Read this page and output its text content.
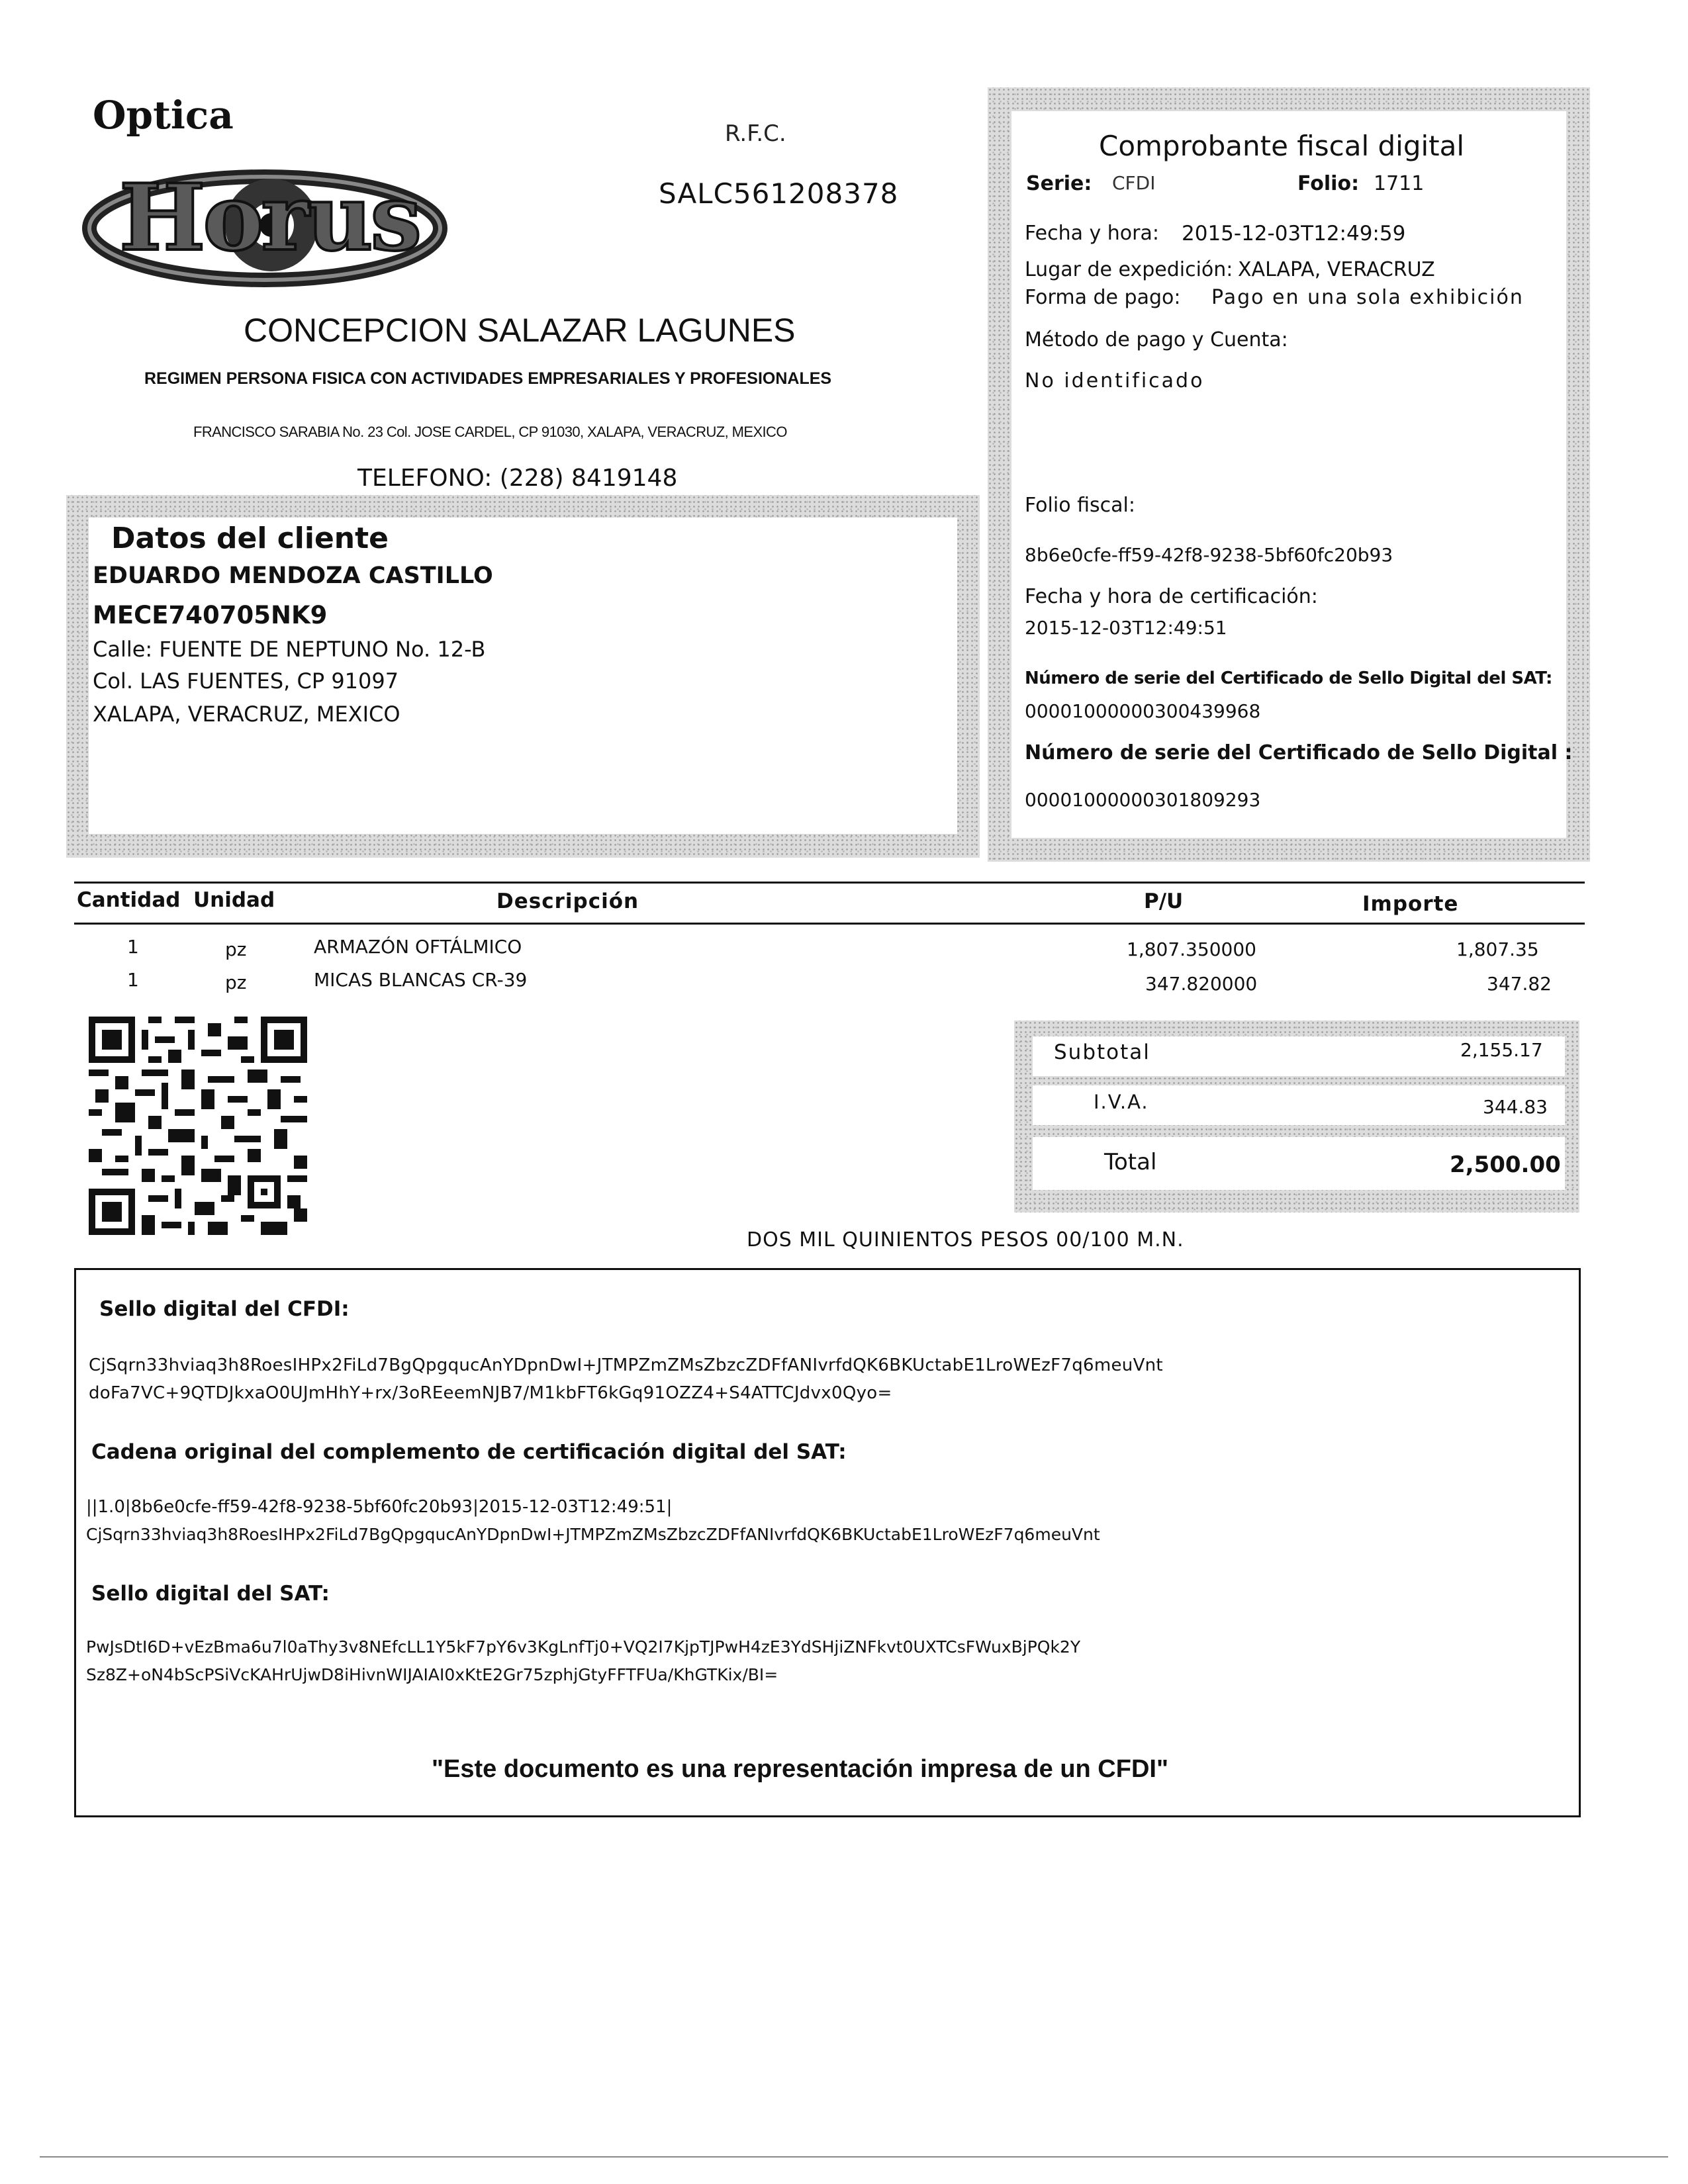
Optica
Horus
R.F.C.
SALC561208378
CONCEPCION SALAZAR LAGUNES
REGIMEN PERSONA FISICA CON ACTIVIDADES EMPRESARIALES Y PROFESIONALES
FRANCISCO SARABIA No. 23 Col. JOSE CARDEL, CP 91030, XALAPA, VERACRUZ, MEXICO
TELEFONO: (228) 8419148
Comprobante fiscal digital
Serie: CFDI	Folio: 1711
Fecha y hora: 2015-12-03T12:49:59
Lugar de expedición: XALAPA, VERACRUZ
Forma de pago: Pago en una sola exhibición
Método de pago y Cuenta:
No identificado
Folio fiscal:
8b6e0cfe-ff59-42f8-9238-5bf60fc20b93
Fecha y hora de certificación:
2015-12-03T12:49:51
Número de serie del Certificado de Sello Digital del SAT:
00001000000300439968
Número de serie del Certificado de Sello Digital :
00001000000301809293
Datos del cliente
EDUARDO MENDOZA CASTILLO
MECE740705NK9
Calle: FUENTE DE NEPTUNO No. 12-B
Col. LAS FUENTES, CP 91097
XALAPA, VERACRUZ, MEXICO
Cantidad Unidad	Descripción	P/U	Importe
1	pz	ARMAZÓN OFTÁLMICO	1,807.350000	1,807.35
1	pz	MICAS BLANCAS CR-39	347.820000	347.82
Subtotal	2,155.17
I.V.A.	344.83
Total	2,500.00
DOS MIL QUINIENTOS PESOS 00/100 M.N.
Sello digital del CFDI:
CjSqrn33hviaq3h8RoesIHPx2FiLd7BgQpgqucAnYDpnDwI+JTMPZmZMsZbzcZDFfANIvrfdQK6BKUctabE1LroWEzF7q6meuVnt
doFa7VC+9QTDJkxaO0UJmHhY+rx/3oREeemNJB7/M1kbFT6kGq91OZZ4+S4ATTCJdvx0Qyo=
Cadena original del complemento de certificación digital del SAT:
||1.0|8b6e0cfe-ff59-42f8-9238-5bf60fc20b93|2015-12-03T12:49:51|
CjSqrn33hviaq3h8RoesIHPx2FiLd7BgQpgqucAnYDpnDwI+JTMPZmZMsZbzcZDFfANIvrfdQK6BKUctabE1LroWEzF7q6meuVnt
Sello digital del SAT:
PwJsDtI6D+vEzBma6u7l0aThy3v8NEfcLL1Y5kF7pY6v3KgLnfTj0+VQ2I7KjpTJPwH4zE3YdSHjiZNFkvt0UXTCsFWuxBjPQk2Y
Sz8Z+oN4bScPSiVcKAHrUjwD8iHivnWIJAIAI0xKtE2Gr75zphjGtyFFTFUa/KhGTKix/BI=
"Este documento es una representación impresa de un CFDI"
